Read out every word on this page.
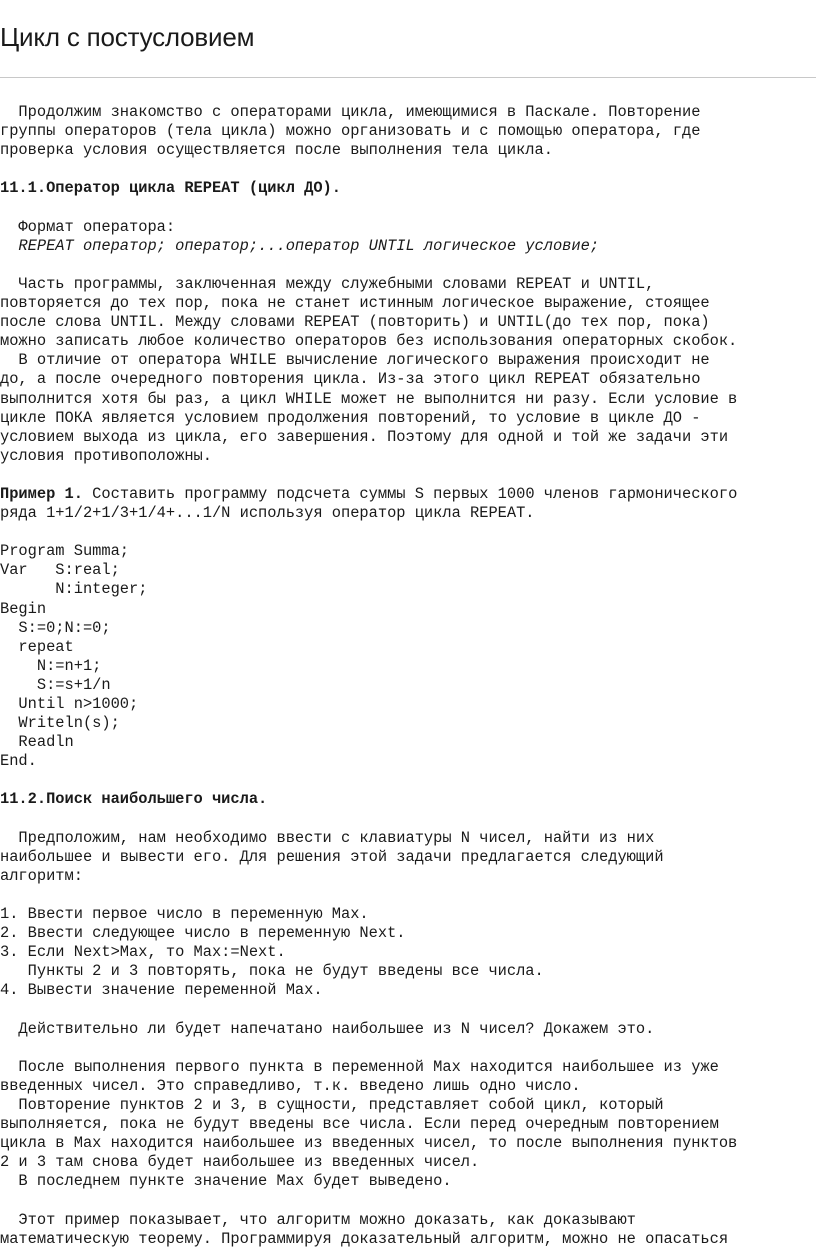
Цикл с постусловием

Продолжим знакомство с операторами цикла, имеющимися в Паскале. Повторение

группы операторов (тела цикла) можно организовать и с помощью оператора, где

проверка условия осуществляется после выполнения тела цикла.

11.1.Оператор цикла REPEAT (цикл ДО).

Формат оператора:

REPEAT оператор; оператор;...оператор UNTIL логическое условие;

Часть программы, заключенная между служебными словами REPEAT и UNTIL,

повторяется до тех пор, пока не станет истинным логическое выражение, стоящее

после слова UNTIL. Между словами REPEAT (повторить) и UNTIL(до тех пор, пока)

можно записать любое количество операторов без использования операторных скобок.

В отличие от оператора WHILE вычисление логического выражения происходит не

до, а после очередного повторения цикла. Из-за этого цикл REPEAT обязательно

выполнится хотя бы раз, а цикл WHILE может не выполнится ни разу. Если условие в

цикле ПОКА является условием продолжения повторений, то условие в цикле ДО -

условием выхода из цикла, его завершения. Поэтому для одной и той же задачи эти

условия противоположны.

Пример 1. Составить программу подсчета суммы S первых 1000 членов гармонического

ряда 1+1/2+1/3+1/4+...1/N используя оператор цикла REPEAT.

Program Summa;

Var   S:real;

N:integer;

Begin

S:=0;N:=0;

repeat

N:=n+1;

S:=s+1/n

Until n>1000;

Writeln(s);

Readln

End.

11.2.Поиск наибольшего числа.

Предположим, нам необходимо ввести с клавиатуры N чисел, найти из них

наибольшее и вывести его. Для решения этой задачи предлагается следующий

алгоритм:

1. Ввести первое число в переменную Max.

2. Ввести следующее число в переменную Next.

3. Если Next>Max, то Max:=Next.

Пункты 2 и 3 повторять, пока не будут введены все числа.

4. Вывести значение переменной Max.

Действительно ли будет напечатано наибольшее из N чисел? Докажем это.

После выполнения первого пункта в переменной Max находится наибольшее из уже

введенных чисел. Это справедливо, т.к. введено лишь одно число.

Повторение пунктов 2 и 3, в сущности, представляет собой цикл, который

выполняется, пока не будут введены все числа. Если перед очередным повторением

цикла в Max находится наибольшее из введенных чисел, то после выполнения пунктов

2 и 3 там снова будет наибольшее из введенных чисел.

В последнем пункте значение Max будет выведено.

Этот пример показывает, что алгоритм можно доказать, как доказывают

математическую теорему. Программируя доказательный алгоритм, можно не опасаться
